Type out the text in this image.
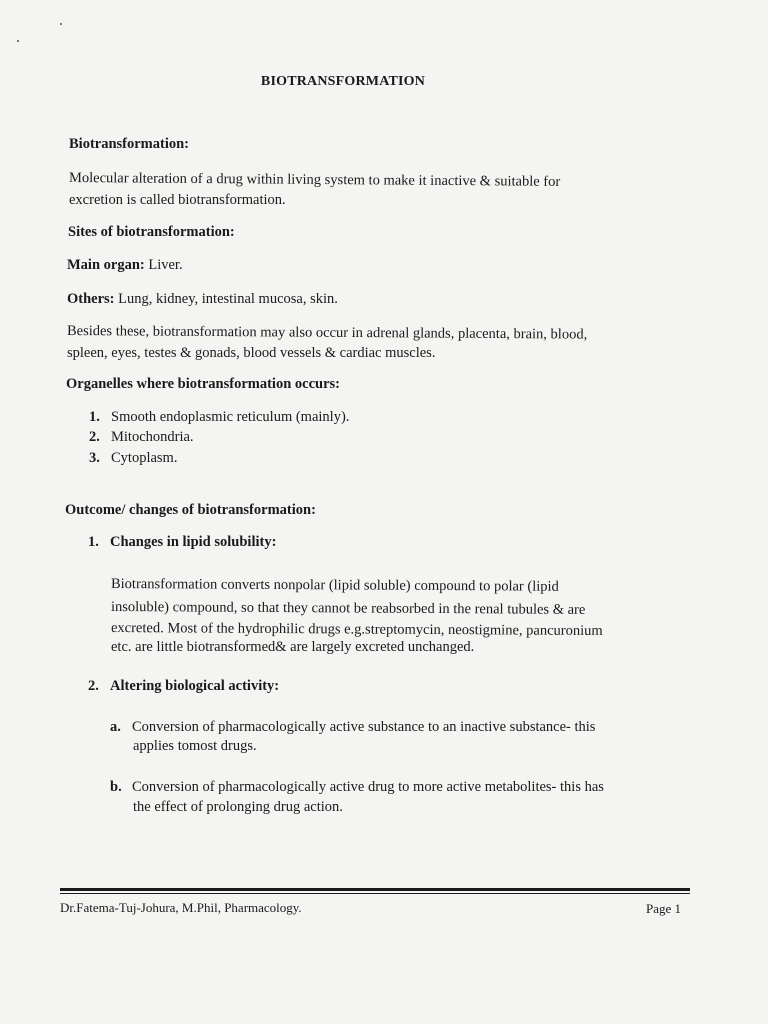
BIOTRANSFORMATION
Biotransformation:
Molecular alteration of a drug within living system to make it inactive & suitable for
excretion is called biotransformation.
Sites of biotransformation:
Main organ: Liver.
Others: Lung, kidney, intestinal mucosa, skin.
Besides these, biotransformation may also occur in adrenal glands, placenta, brain, blood,
spleen, eyes, testes & gonads, blood vessels & cardiac muscles.
Organelles where biotransformation occurs:
1. Smooth endoplasmic reticulum (mainly).
2. Mitochondria.
3. Cytoplasm.
Outcome/ changes of biotransformation:
1. Changes in lipid solubility:
Biotransformation converts nonpolar (lipid soluble) compound to polar (lipid
insoluble) compound, so that they cannot be reabsorbed in the renal tubules & are
excreted. Most of the hydrophilic drugs e.g.streptomycin, neostigmine, pancuronium
etc. are little biotransformed& are largely excreted unchanged.
2. Altering biological activity:
a. Conversion of pharmacologically active substance to an inactive substance- this
applies tomost drugs.
b. Conversion of pharmacologically active drug to more active metabolites- this has
the effect of prolonging drug action.
Dr.Fatema-Tuj-Johura, M.Phil, Pharmacology.	Page 1
